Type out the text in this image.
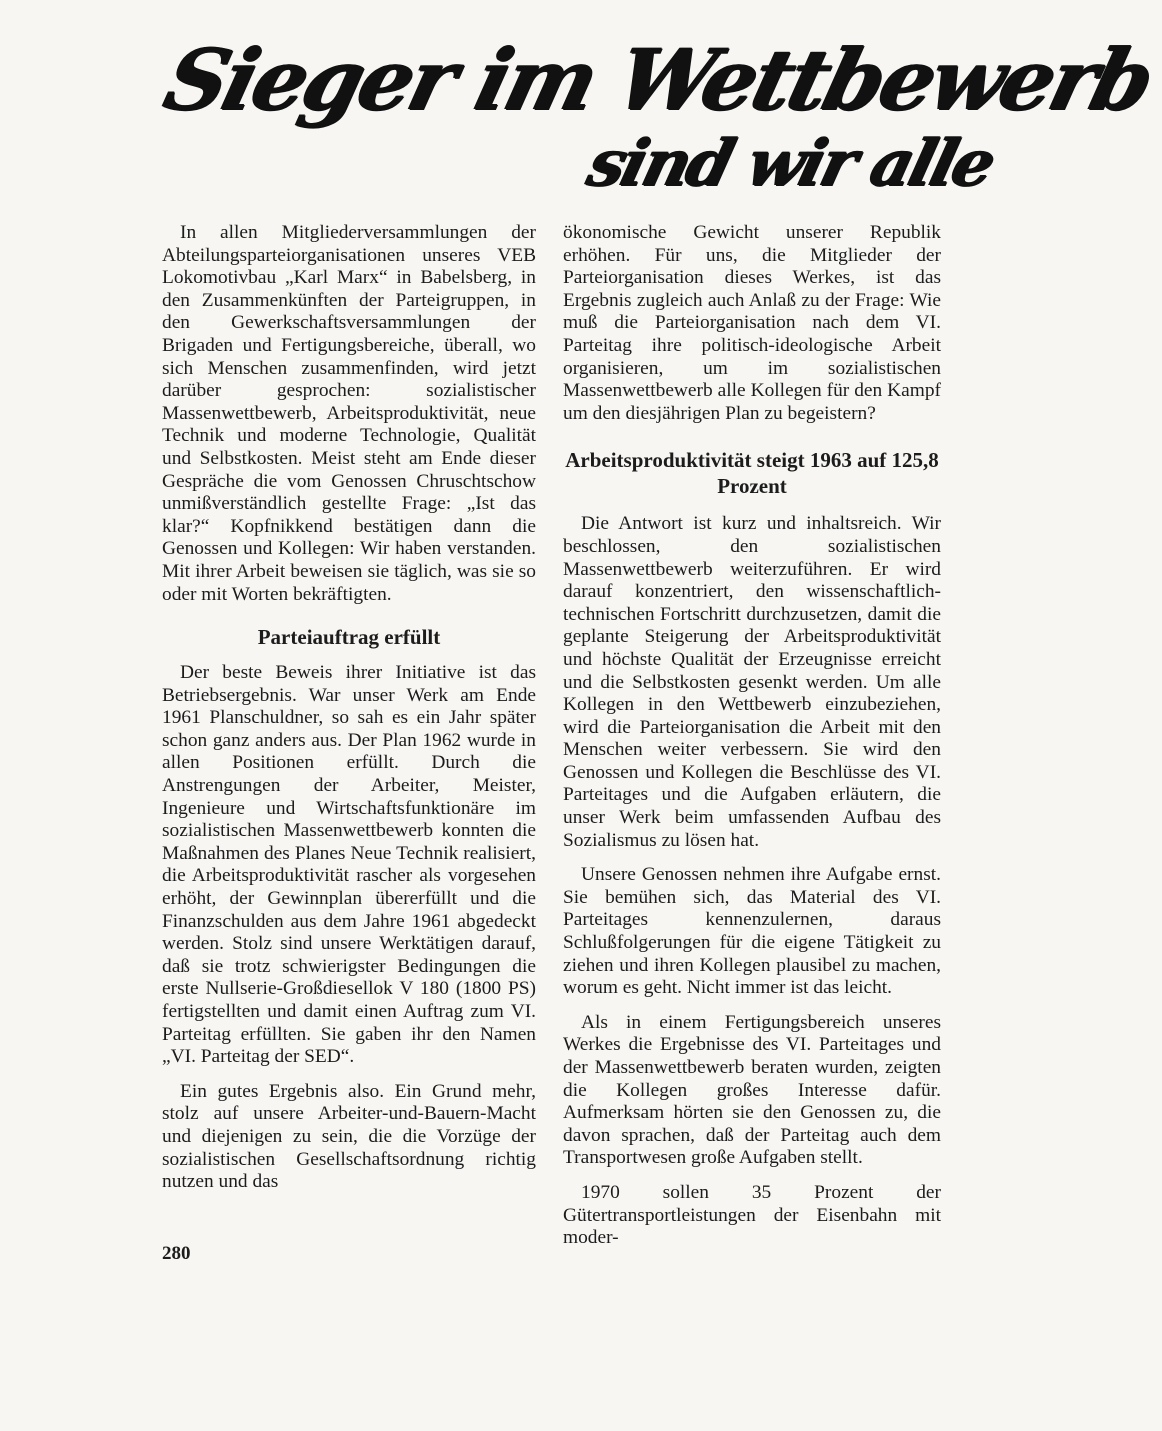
Sieger im Wettbewerb
sind wir alle

In allen Mitgliederversammlungen der Abteilungsparteiorganisationen unseres VEB Lokomotivbau „Karl Marx“ in Babelsberg, in den Zusammenkünften der Parteigruppen, in den Gewerkschaftsversammlungen der Brigaden und Fertigungsbereiche, überall, wo sich Menschen zusammenfinden, wird jetzt darüber gesprochen: sozialistischer Massenwettbewerb, Arbeitsproduktivität, neue Technik und moderne Technologie, Qualität und Selbstkosten. Meist steht am Ende dieser Gespräche die vom Genossen Chruschtschow unmißverständlich gestellte Frage: „Ist das klar?“ Kopfnikkend bestätigen dann die Genossen und Kollegen: Wir haben verstanden. Mit ihrer Arbeit beweisen sie täglich, was sie so oder mit Worten bekräftigten.

Parteiauftrag erfüllt

Der beste Beweis ihrer Initiative ist das Betriebsergebnis. War unser Werk am Ende 1961 Planschuldner, so sah es ein Jahr später schon ganz anders aus. Der Plan 1962 wurde in allen Positionen erfüllt. Durch die Anstrengungen der Arbeiter, Meister, Ingenieure und Wirtschaftsfunktionäre im sozialistischen Massenwettbewerb konnten die Maßnahmen des Planes Neue Technik realisiert, die Arbeitsproduktivität rascher als vorgesehen erhöht, der Gewinnplan übererfüllt und die Finanzschulden aus dem Jahre 1961 abgedeckt werden. Stolz sind unsere Werktätigen darauf, daß sie trotz schwierigster Bedingungen die erste Nullserie-Großdiesellok V 180 (1800 PS) fertigstellten und damit einen Auftrag zum VI. Parteitag erfüllten. Sie gaben ihr den Namen „VI. Parteitag der SED“.

Ein gutes Ergebnis also. Ein Grund mehr, stolz auf unsere Arbeiter-und-Bauern-Macht und diejenigen zu sein, die die Vorzüge der sozialistischen Gesellschaftsordnung richtig nutzen und das

ökonomische Gewicht unserer Republik erhöhen. Für uns, die Mitglieder der Parteiorganisation dieses Werkes, ist das Ergebnis zugleich auch Anlaß zu der Frage: Wie muß die Parteiorganisation nach dem VI. Parteitag ihre politisch-ideologische Arbeit organisieren, um im sozialistischen Massenwettbewerb alle Kollegen für den Kampf um den diesjährigen Plan zu begeistern?

Arbeitsproduktivität steigt 1963 auf 125,8 Prozent

Die Antwort ist kurz und inhaltsreich. Wir beschlossen, den sozialistischen Massenwettbewerb weiterzuführen. Er wird darauf konzentriert, den wissenschaftlich-technischen Fortschritt durchzusetzen, damit die geplante Steigerung der Arbeitsproduktivität und höchste Qualität der Erzeugnisse erreicht und die Selbstkosten gesenkt werden. Um alle Kollegen in den Wettbewerb einzubeziehen, wird die Parteiorganisation die Arbeit mit den Menschen weiter verbessern. Sie wird den Genossen und Kollegen die Beschlüsse des VI. Parteitages und die Aufgaben erläutern, die unser Werk beim umfassenden Aufbau des Sozialismus zu lösen hat.

Unsere Genossen nehmen ihre Aufgabe ernst. Sie bemühen sich, das Material des VI. Parteitages kennenzulernen, daraus Schlußfolgerungen für die eigene Tätigkeit zu ziehen und ihren Kollegen plausibel zu machen, worum es geht. Nicht immer ist das leicht.

Als in einem Fertigungsbereich unseres Werkes die Ergebnisse des VI. Parteitages und der Massenwettbewerb beraten wurden, zeigten die Kollegen großes Interesse dafür. Aufmerksam hörten sie den Genossen zu, die davon sprachen, daß der Parteitag auch dem Transportwesen große Aufgaben stellt.

1970 sollen 35 Prozent der Gütertransportleistungen der Eisenbahn mit moder-

280
